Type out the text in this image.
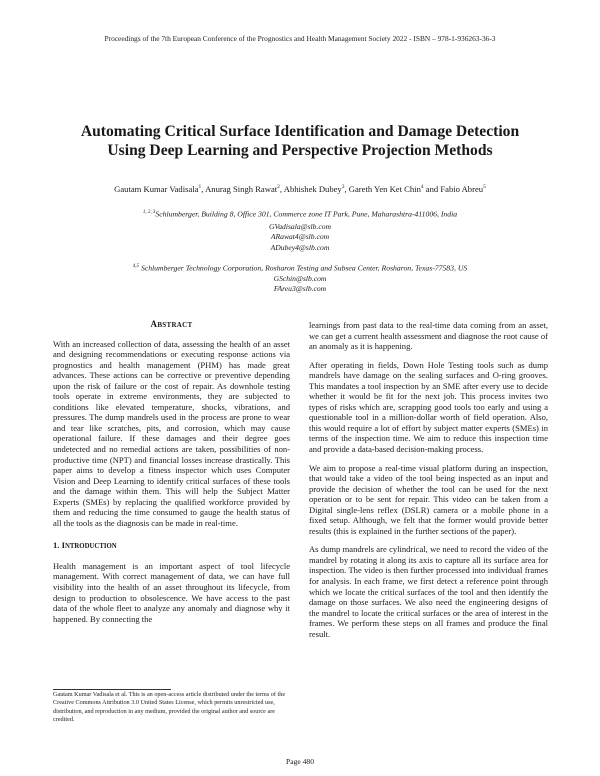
Proceedings of the 7th European Conference of the Prognostics and Health Management Society 2022 - ISBN – 978-1-936263-36-3
Automating Critical Surface Identification and Damage Detection Using Deep Learning and Perspective Projection Methods
Gautam Kumar Vadisala$^1$, Anurag Singh Rawat$^2$, Abhishek Dubey$^3$, Gareth Yen Ket Chin$^4$ and Fabio Abreu$^5$
$^{1, 2, 3}$Schlumberger, Building 8, Office 301, Commerce zone IT Park, Pune, Maharashtra-411006, India
GVadisala@slb.com
ARawat4@slb.com
ADubey4@slb.com
$^{4,5}$ Schlumberger Technology Corporation, Rosharon Testing and Subsea Center, Rosharon, Texas-77583, US
GSchin@slb.com
FAreu3@slb.com
ABSTRACT
With an increased collection of data, assessing the health of an asset and designing recommendations or executing response actions via prognostics and health management (PHM) has made great advances. These actions can be corrective or preventive depending upon the risk of failure or the cost of repair. As downhole testing tools operate in extreme environments, they are subjected to conditions like elevated temperature, shocks, vibrations, and pressures. The dump mandrels used in the process are prone to wear and tear like scratches, pits, and corrosion, which may cause operational failure. If these damages and their degree goes undetected and no remedial actions are taken, possibilities of non-productive time (NPT) and financial losses increase drastically. This paper aims to develop a fitness inspector which uses Computer Vision and Deep Learning to identify critical surfaces of these tools and the damage within them. This will help the Subject Matter Experts (SMEs) by replacing the qualified workforce provided by them and reducing the time consumed to gauge the health status of all the tools as the diagnosis can be made in real-time.
1. INTRODUCTION
Health management is an important aspect of tool lifecycle management. With correct management of data, we can have full visibility into the health of an asset throughout its lifecycle, from design to production to obsolescence. We have access to the past data of the whole fleet to analyze any anomaly and diagnose why it happened. By connecting the
Gautam Kumar Vadisala et al. This is an open-access article distributed under the terms of the Creative Commons Attribution 3.0 United States License, which permits unrestricted use, distribution, and reproduction in any medium, provided the original author and source are credited.
learnings from past data to the real-time data coming from an asset, we can get a current health assessment and diagnose the root cause of an anomaly as it is happening.
After operating in fields, Down Hole Testing tools such as dump mandrels have damage on the sealing surfaces and O-ring grooves. This mandates a tool inspection by an SME after every use to decide whether it would be fit for the next job. This process invites two types of risks which are, scrapping good tools too early and using a questionable tool in a million-dollar worth of field operation. Also, this would require a lot of effort by subject matter experts (SMEs) in terms of the inspection time. We aim to reduce this inspection time and provide a data-based decision-making process.
We aim to propose a real-time visual platform during an inspection, that would take a video of the tool being inspected as an input and provide the decision of whether the tool can be used for the next operation or to be sent for repair. This video can be taken from a Digital single-lens reflex (DSLR) camera or a mobile phone in a fixed setup. Although, we felt that the former would provide better results (this is explained in the further sections of the paper).
As dump mandrels are cylindrical, we need to record the video of the mandrel by rotating it along its axis to capture all its surface area for inspection. The video is then further processed into individual frames for analysis. In each frame, we first detect a reference point through which we locate the critical surfaces of the tool and then identify the damage on those surfaces. We also need the engineering designs of the mandrel to locate the critical surfaces or the area of interest in the frames. We perform these steps on all frames and produce the final result.
Page 480
